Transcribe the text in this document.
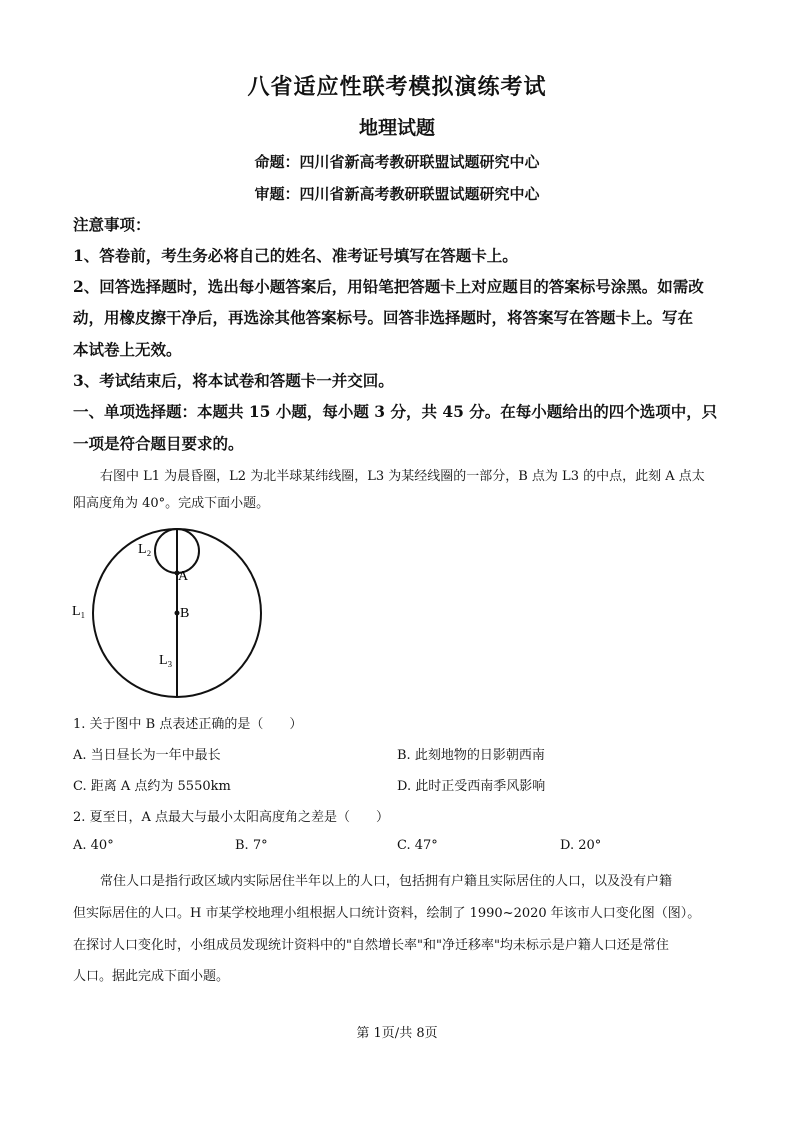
八省适应性联考模拟演练考试
地理试题
命题：四川省新高考教研联盟试题研究中心
审题：四川省新高考教研联盟试题研究中心
注意事项：
1、答卷前，考生务必将自己的姓名、准考证号填写在答题卡上。
2、回答选择题时，选出每小题答案后，用铅笔把答题卡上对应题目的答案标号涂黑。如需改
动，用橡皮擦干净后，再选涂其他答案标号。回答非选择题时，将答案写在答题卡上。写在
本试卷上无效。
3、考试结束后，将本试卷和答题卡一并交回。
一、单项选择题：本题共 15 小题，每小题 3 分，共 45 分。在每小题给出的四个选项中，只
一项是符合题目要求的。
右图中 L1 为晨昏圈，L2 为北半球某纬线圈，L3 为某经线圈的一部分，B 点为 L3 的中点，此刻 A 点太
阳高度角为 40°。完成下面小题。
L₁
L₂
L₃
A
B
1. 关于图中 B 点表述正确的是（　　）
A. 当日昼长为一年中最长	B. 此刻地物的日影朝西南
C. 距离 A 点约为 5550km	D. 此时正受西南季风影响
2. 夏至日，A 点最大与最小太阳高度角之差是（　　）
A. 40°	B. 7°	C. 47°	D. 20°
常住人口是指行政区域内实际居住半年以上的人口，包括拥有户籍且实际居住的人口，以及没有户籍
但实际居住的人口。H 市某学校地理小组根据人口统计资料，绘制了 1990~2020 年该市人口变化图（图）。
在探讨人口变化时，小组成员发现统计资料中的"自然增长率"和"净迁移率"均未标示是户籍人口还是常住
人口。据此完成下面小题。
第 1页/共 8页
